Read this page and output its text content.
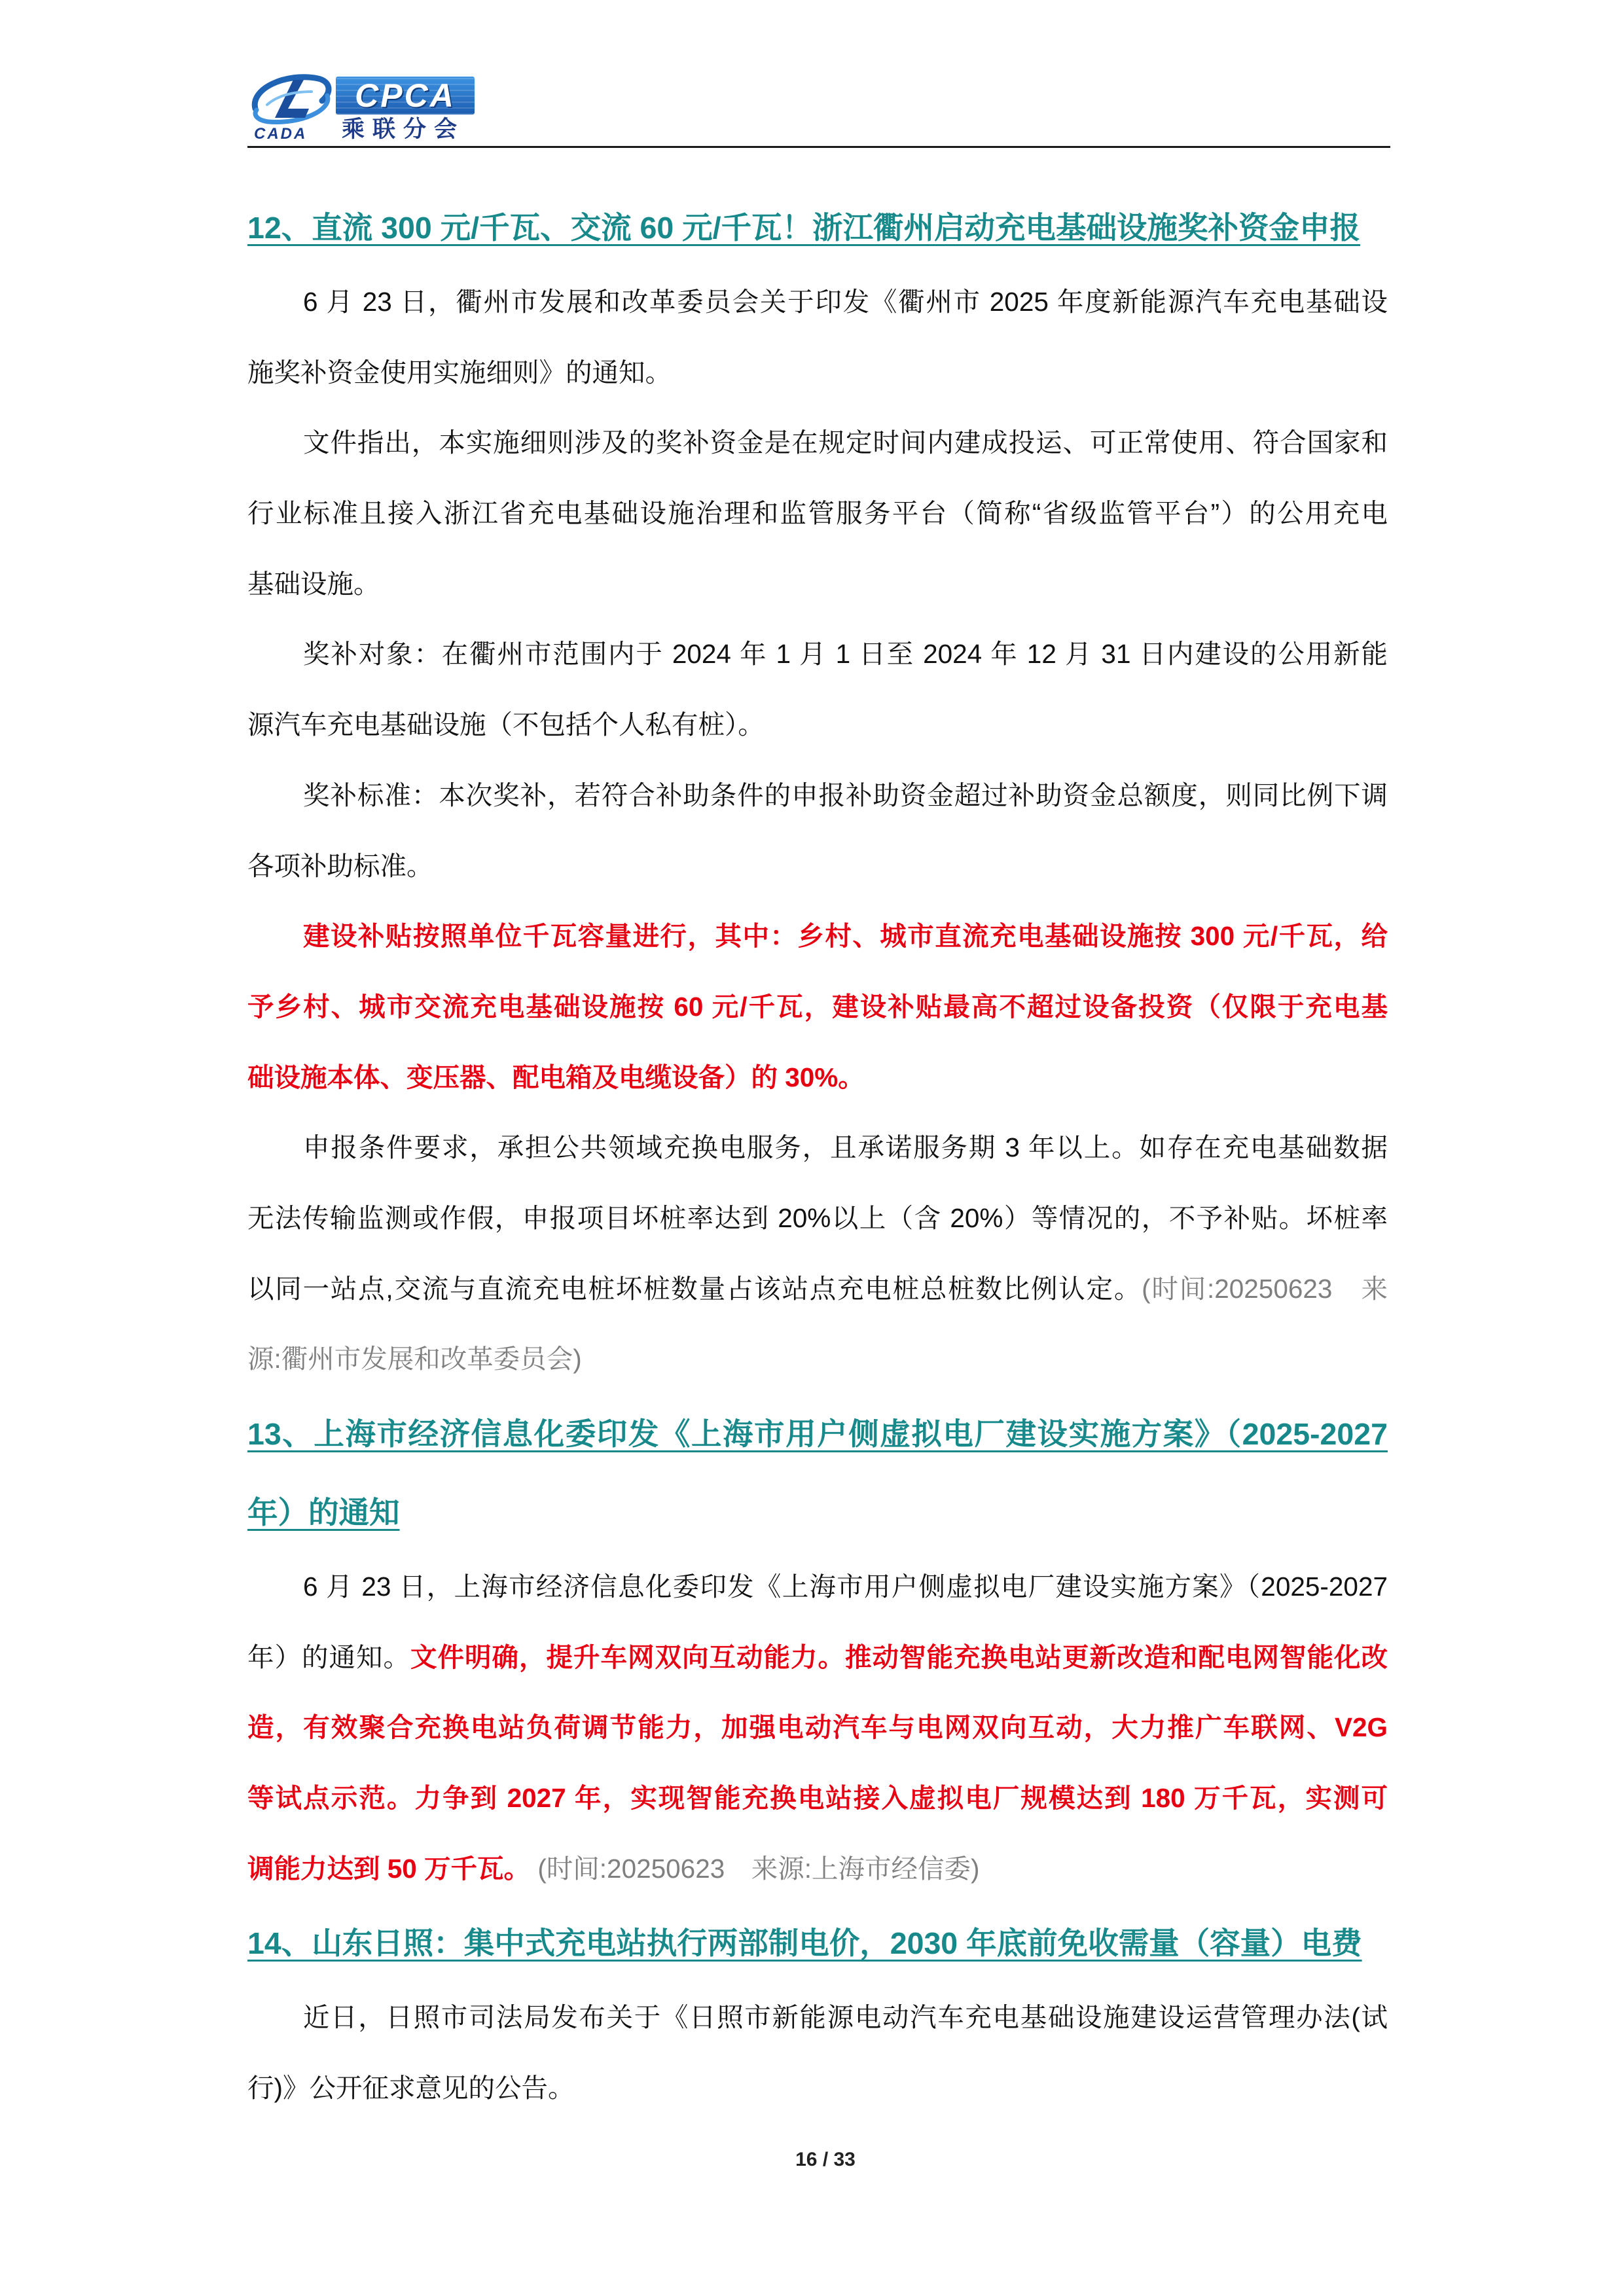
CADA
CPCA
乘联分会
12、直流 300 元/千瓦、交流 60 元/千瓦！浙江衢州启动充电基础设施奖补资金申报
6 月 23 日，衢州市发展和改革委员会关于印发《衢州市 2025 年度新能源汽车充电基础设
施奖补资金使用实施细则》的通知。
文件指出，本实施细则涉及的奖补资金是在规定时间内建成投运、可正常使用、符合国家和
行业标准且接入浙江省充电基础设施治理和监管服务平台（简称“省级监管平台”）的公用充电
基础设施。
奖补对象：在衢州市范围内于 2024 年 1 月 1 日至 2024 年 12 月 31 日内建设的公用新能
源汽车充电基础设施（不包括个人私有桩）。
奖补标准：本次奖补，若符合补助条件的申报补助资金超过补助资金总额度，则同比例下调
各项补助标准。
建设补贴按照单位千瓦容量进行，其中：乡村、城市直流充电基础设施按 300 元/千瓦，给
予乡村、城市交流充电基础设施按 60 元/千瓦，建设补贴最高不超过设备投资（仅限于充电基
础设施本体、变压器、配电箱及电缆设备）的 30%。
申报条件要求，承担公共领域充换电服务，且承诺服务期 3 年以上。如存在充电基础数据
无法传输监测或作假，申报项目坏桩率达到 20%以上（含 20%）等情况的，不予补贴。坏桩率
以同一站点,交流与直流充电桩坏桩数量占该站点充电桩总桩数比例认定。(时间:20250623　来
源:衢州市发展和改革委员会)
13、上海市经济信息化委印发《上海市用户侧虚拟电厂建设实施方案》（2025-2027
年）的通知
6 月 23 日，上海市经济信息化委印发《上海市用户侧虚拟电厂建设实施方案》（2025-2027
年）的通知。文件明确，提升车网双向互动能力。推动智能充换电站更新改造和配电网智能化改
造，有效聚合充换电站负荷调节能力，加强电动汽车与电网双向互动，大力推广车联网、V2G
等试点示范。力争到 2027 年，实现智能充换电站接入虚拟电厂规模达到 180 万千瓦，实测可
调能力达到 50 万千瓦。 (时间:20250623　来源:上海市经信委)
14、山东日照：集中式充电站执行两部制电价，2030 年底前免收需量（容量）电费
近日，日照市司法局发布关于《日照市新能源电动汽车充电基础设施建设运营管理办法(试
行)》公开征求意见的公告。
16 / 33
